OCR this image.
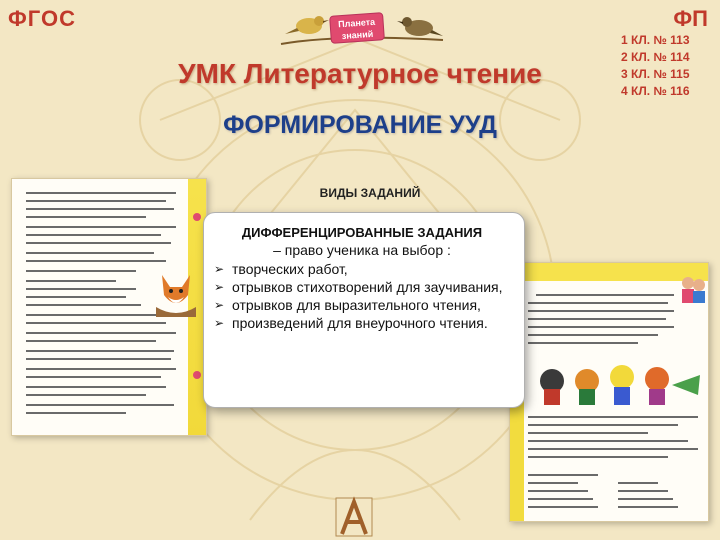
ФГОС	ФП
1 КЛ. № 113
2 КЛ. № 114
3 КЛ. № 115
4 КЛ. № 116
Планета знаний
УМК Литературное чтение
ФОРМИРОВАНИЕ УУД
ВИДЫ ЗАДАНИЙ
ДИФФЕРЕНЦИРОВАННЫЕ ЗАДАНИЯ
– право ученика на выбор :
➢ творческих работ,
➢ отрывков стихотворений для заучивания,
➢ отрывков для выразительного чтения,
➢ произведений для внеурочного чтения.
